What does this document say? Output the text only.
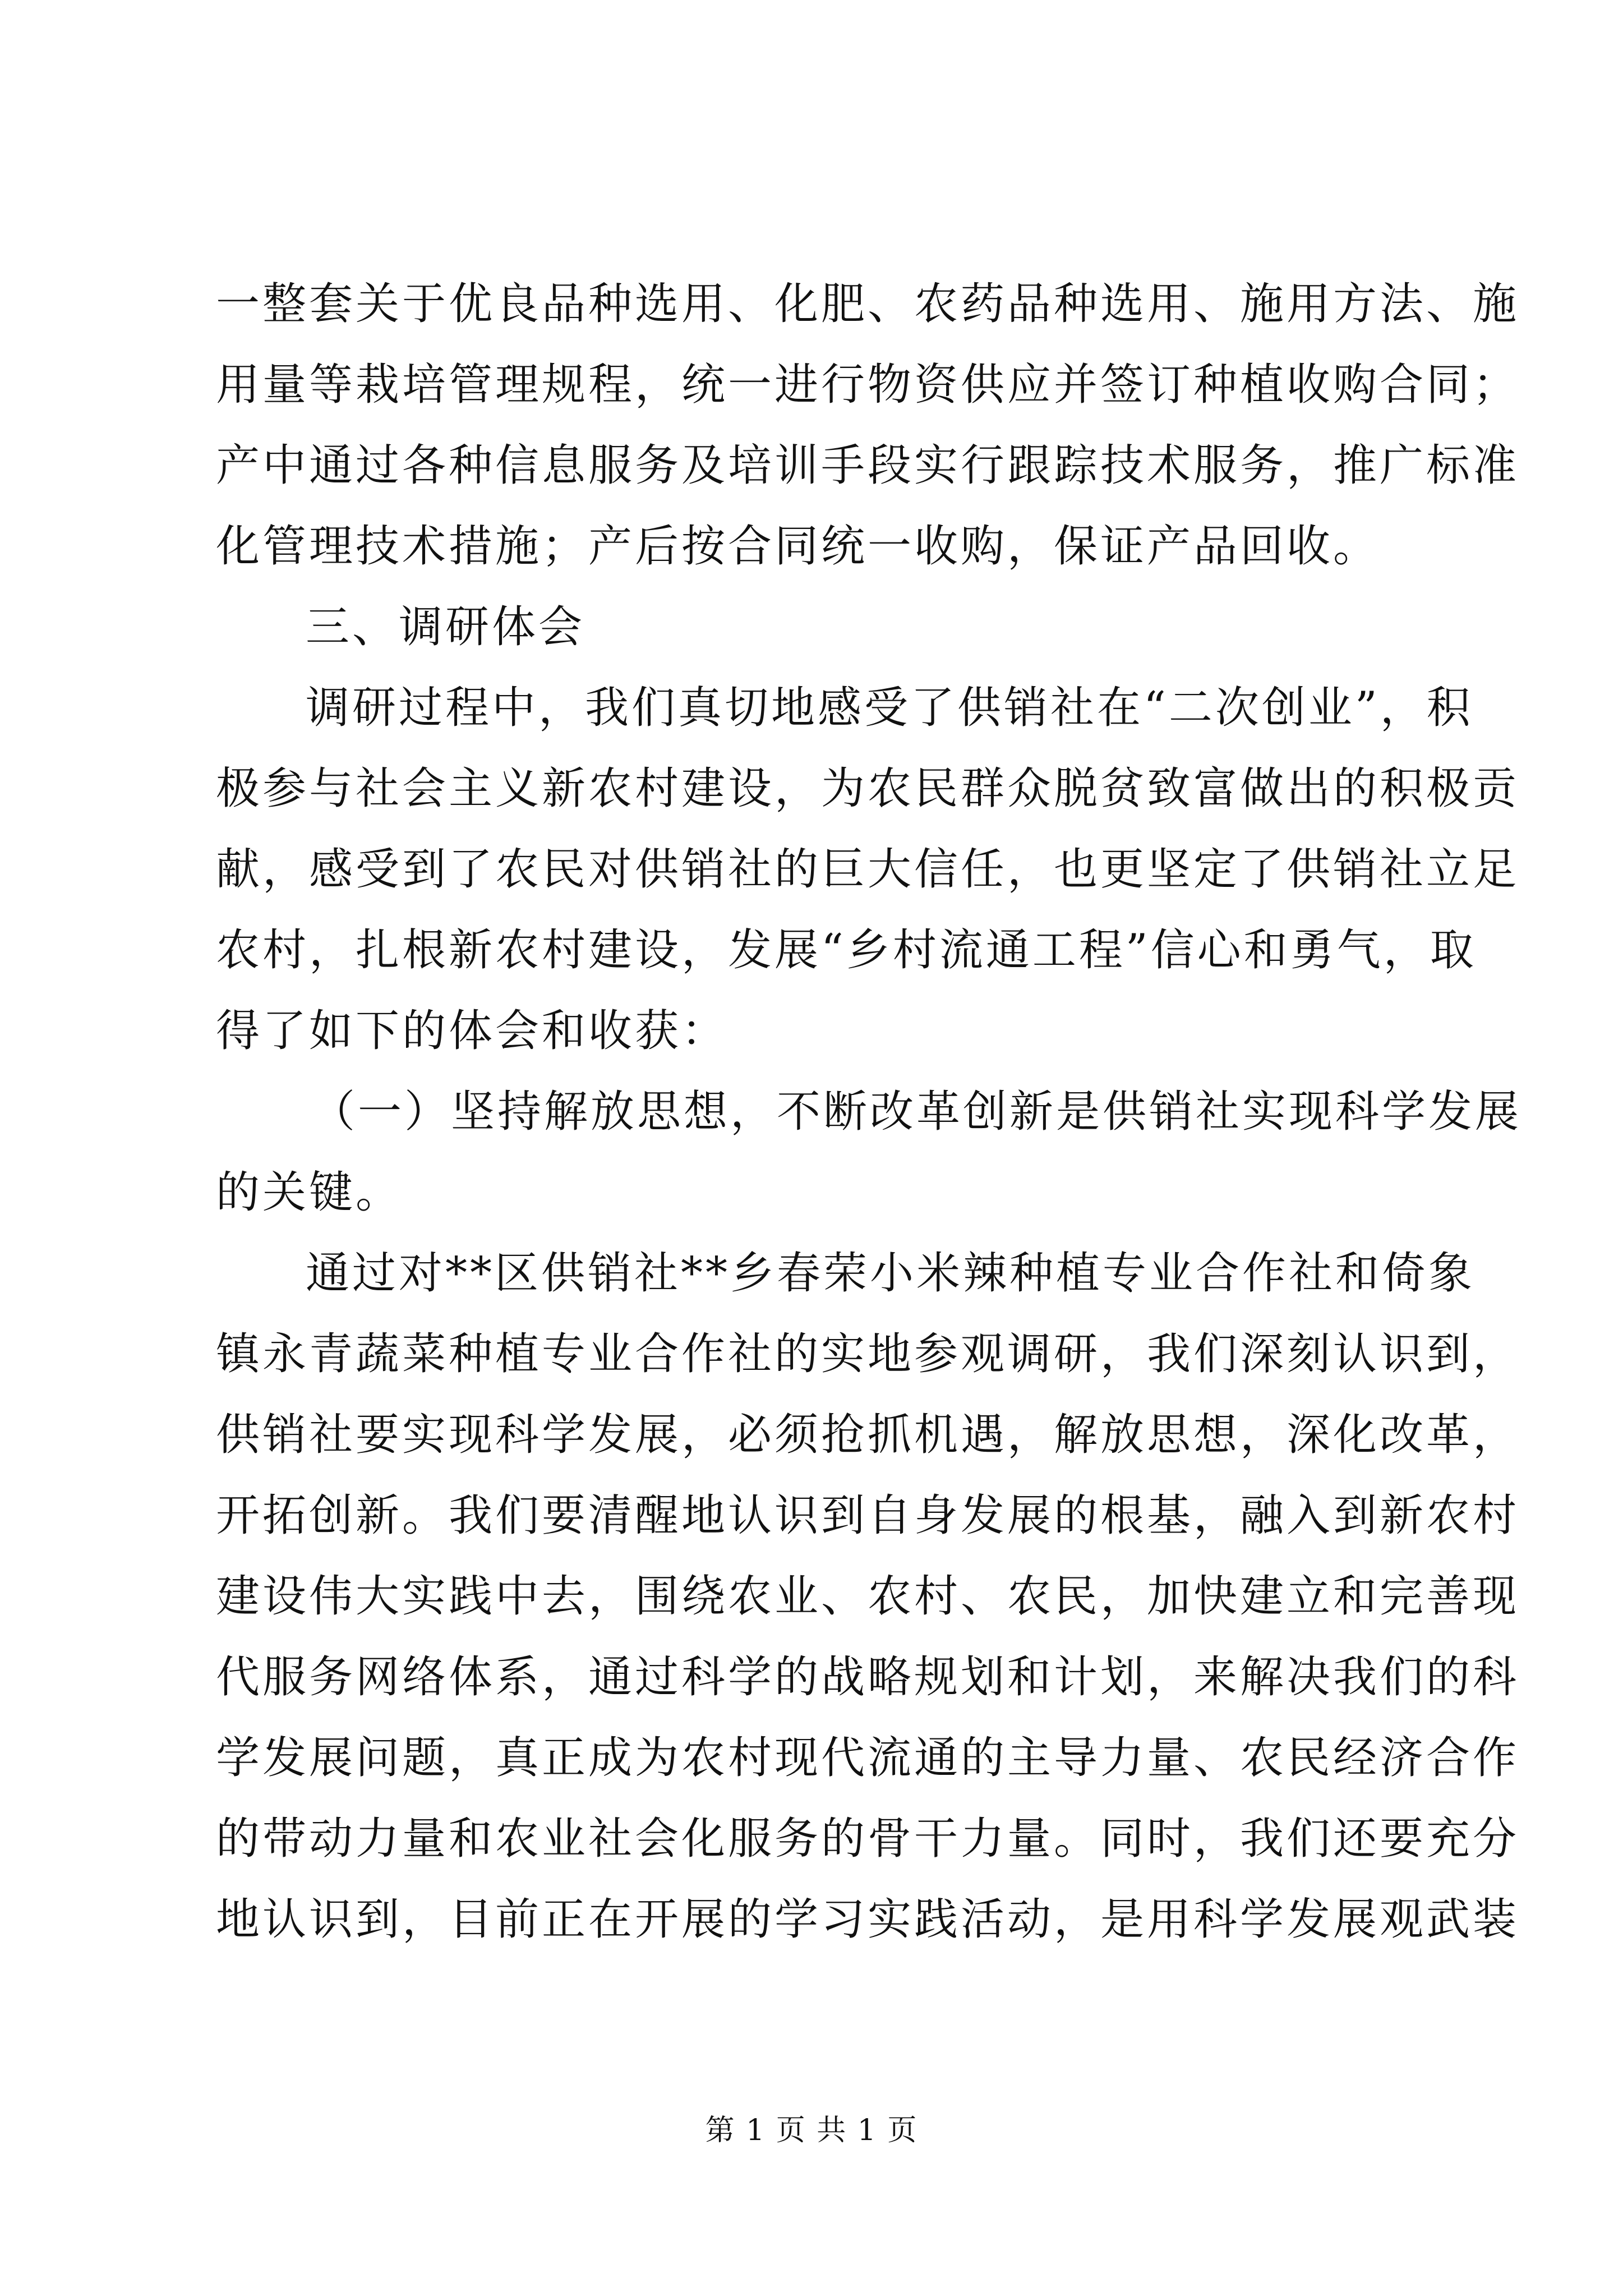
一整套关于优良品种选用、化肥、农药品种选用、施用方法、施
用量等栽培管理规程，统一进行物资供应并签订种植收购合同；
产中通过各种信息服务及培训手段实行跟踪技术服务，推广标准
化管理技术措施；产后按合同统一收购，保证产品回收。
三、调研体会
调研过程中，我们真切地感受了供销社在“二次创业”，积
极参与社会主义新农村建设，为农民群众脱贫致富做出的积极贡
献，感受到了农民对供销社的巨大信任，也更坚定了供销社立足
农村，扎根新农村建设，发展“乡村流通工程”信心和勇气，取
得了如下的体会和收获：
（一）坚持解放思想，不断改革创新是供销社实现科学发展
的关键。
通过对**区供销社**乡春荣小米辣种植专业合作社和倚象
镇永青蔬菜种植专业合作社的实地参观调研，我们深刻认识到，
供销社要实现科学发展，必须抢抓机遇，解放思想，深化改革，
开拓创新。我们要清醒地认识到自身发展的根基，融入到新农村
建设伟大实践中去，围绕农业、农村、农民，加快建立和完善现
代服务网络体系，通过科学的战略规划和计划，来解决我们的科
学发展问题，真正成为农村现代流通的主导力量、农民经济合作
的带动力量和农业社会化服务的骨干力量。同时，我们还要充分
地认识到，目前正在开展的学习实践活动，是用科学发展观武装
第 1 页 共 1 页
